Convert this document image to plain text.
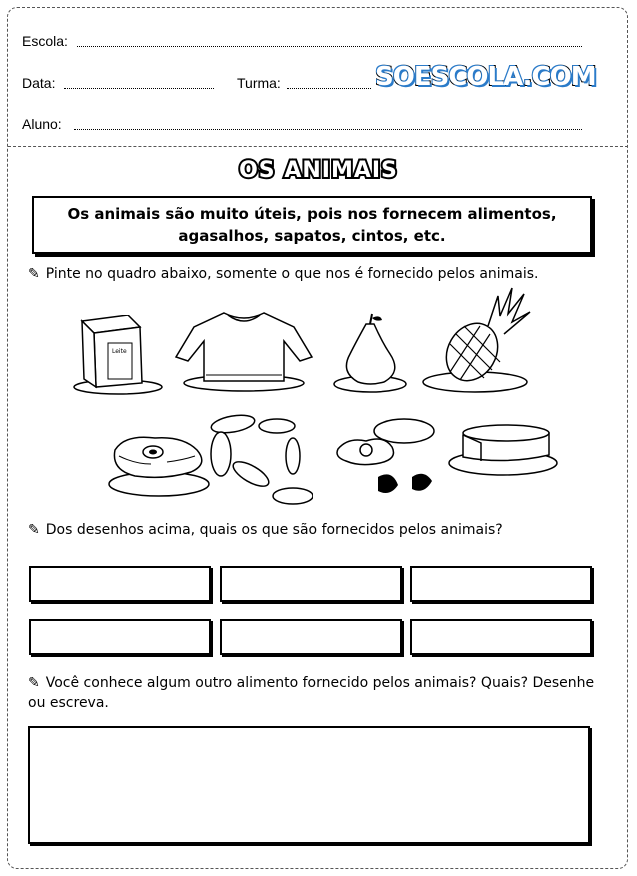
Escola:
Data:	Turma:	SOESCOLA.COM
Aluno:
OS ANIMAIS
Os animais são muito úteis, pois nos fornecem alimentos, agasalhos, sapatos, cintos, etc.
✎ Pinte no quadro abaixo, somente o que nos é fornecido pelos animais.
Leite
✎ Dos desenhos acima, quais os que são fornecidos pelos animais?
✎ Você conhece algum outro alimento fornecido pelos animais? Quais? Desenhe ou escreva.
